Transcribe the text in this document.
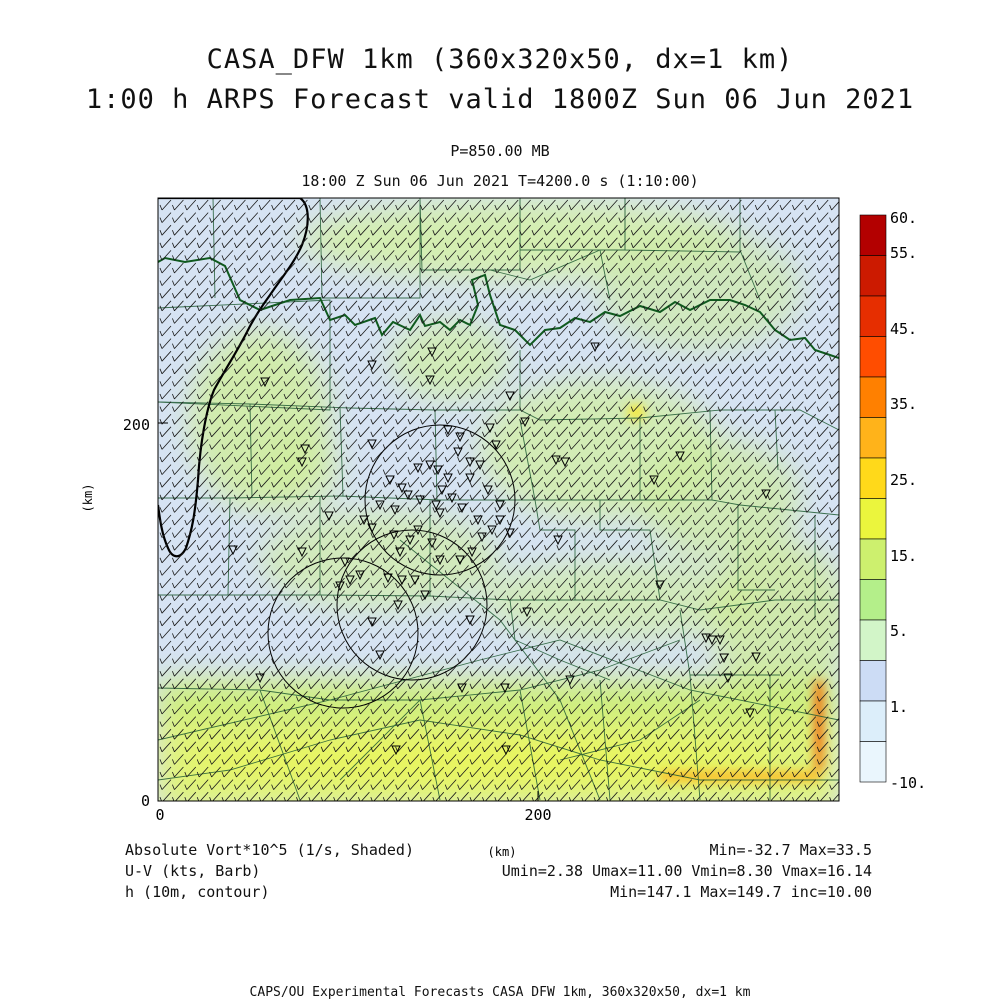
CASA_DFW 1km (360x320x50, dx=1 km)
1:00 h ARPS Forecast valid 1800Z Sun 06 Jun 2021
P=850.00 MB
18:00 Z Sun 06 Jun 2021 T=4200.0 s (1:10:00)
0
200
0	200
(km)
(km)
60.
55.
45.
35.
25.
15.
5.
1.
-10.
Absolute Vort*10^5 (1/s, Shaded)	Min=-32.7 Max=33.5
U-V (kts, Barb)	Umin=2.38 Umax=11.00 Vmin=8.30 Vmax=16.14
h (10m, contour)	Min=147.1 Max=149.7 inc=10.00
CAPS/OU Experimental Forecasts CASA DFW 1km, 360x320x50, dx=1 km
